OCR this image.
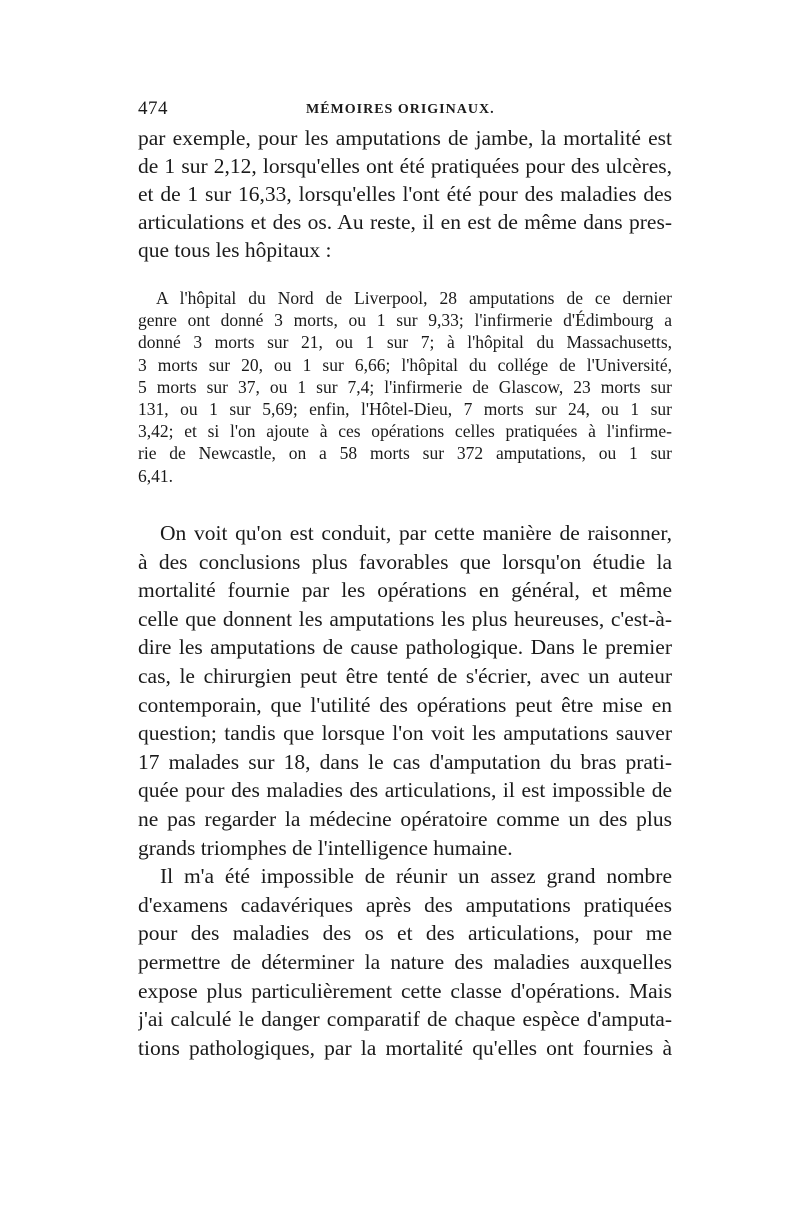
474	MÉMOIRES ORIGINAUX.
par exemple, pour les amputations de jambe, la mortalité est
de 1 sur 2,12, lorsqu'elles ont été pratiquées pour des ulcères,
et de 1 sur 16,33, lorsqu'elles l'ont été pour des maladies des
articulations et des os. Au reste, il en est de même dans pres-
que tous les hôpitaux :
A l'hôpital du Nord de Liverpool, 28 amputations de ce dernier
genre ont donné 3 morts, ou 1 sur 9,33; l'infirmerie d'Édimbourg a
donné 3 morts sur 21, ou 1 sur 7; à l'hôpital du Massachusetts,
3 morts sur 20, ou 1 sur 6,66; l'hôpital du collége de l'Université,
5 morts sur 37, ou 1 sur 7,4; l'infirmerie de Glascow, 23 morts sur
131, ou 1 sur 5,69; enfin, l'Hôtel-Dieu, 7 morts sur 24, ou 1 sur
3,42; et si l'on ajoute à ces opérations celles pratiquées à l'infirme-
rie de Newcastle, on a 58 morts sur 372 amputations, ou 1 sur
6,41.
On voit qu'on est conduit, par cette manière de raisonner,
à des conclusions plus favorables que lorsqu'on étudie la
mortalité fournie par les opérations en général, et même
celle que donnent les amputations les plus heureuses, c'est-à-
dire les amputations de cause pathologique. Dans le premier
cas, le chirurgien peut être tenté de s'écrier, avec un auteur
contemporain, que l'utilité des opérations peut être mise en
question; tandis que lorsque l'on voit les amputations sauver
17 malades sur 18, dans le cas d'amputation du bras prati-
quée pour des maladies des articulations, il est impossible de
ne pas regarder la médecine opératoire comme un des plus
grands triomphes de l'intelligence humaine.
Il m'a été impossible de réunir un assez grand nombre
d'examens cadavériques après des amputations pratiquées
pour des maladies des os et des articulations, pour me
permettre de déterminer la nature des maladies auxquelles
expose plus particulièrement cette classe d'opérations. Mais
j'ai calculé le danger comparatif de chaque espèce d'amputa-
tions pathologiques, par la mortalité qu'elles ont fournies à
